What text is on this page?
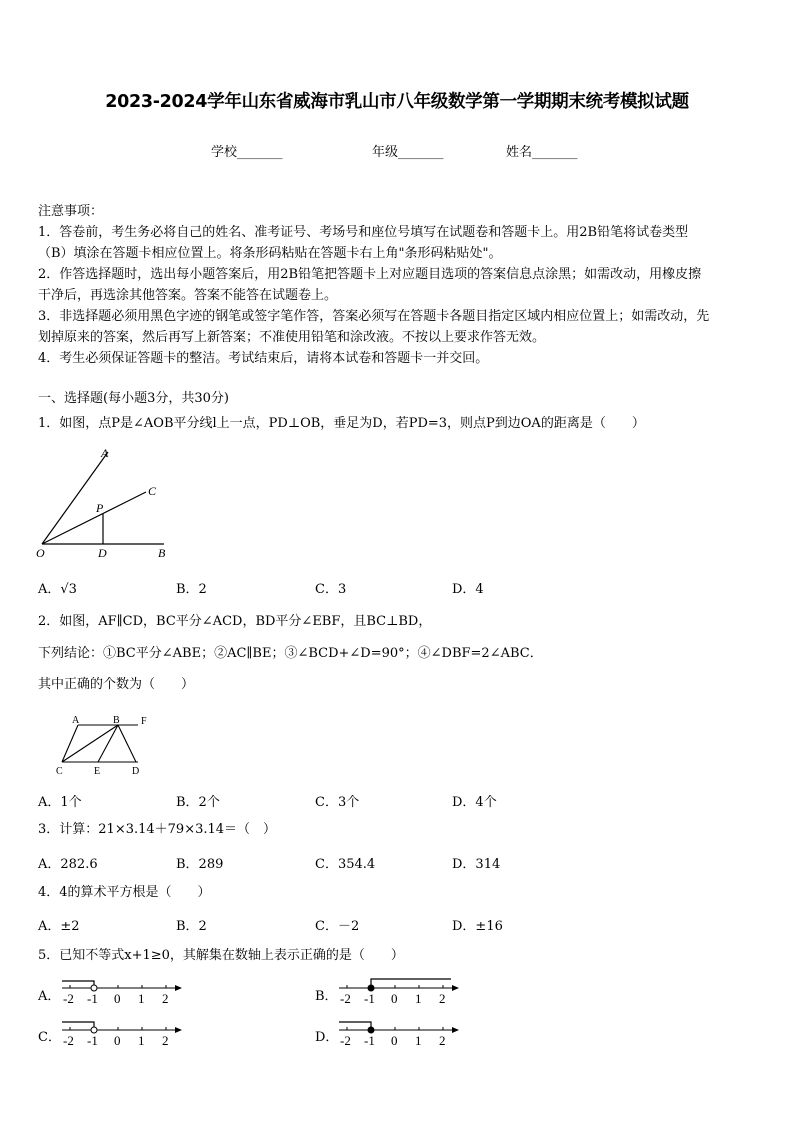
2023-2024学年山东省威海市乳山市八年级数学第一学期期末统考模拟试题
学校_______	年级_______	姓名_______
注意事项：
1．答卷前，考生务必将自己的姓名、准考证号、考场号和座位号填写在试题卷和答题卡上。用2B铅笔将试卷类型
（B）填涂在答题卡相应位置上。将条形码粘贴在答题卡右上角"条形码粘贴处"。
2．作答选择题时，选出每小题答案后，用2B铅笔把答题卡上对应题目选项的答案信息点涂黑；如需改动，用橡皮擦
干净后，再选涂其他答案。答案不能答在试题卷上。
3．非选择题必须用黑色字迹的钢笔或签字笔作答，答案必须写在答题卡各题目指定区域内相应位置上；如需改动，先
划掉原来的答案，然后再写上新答案；不准使用铅笔和涂改液。不按以上要求作答无效。
4．考生必须保证答题卡的整洁。考试结束后，请将本试卷和答题卡一并交回。
一、选择题(每小题3分，共30分)
1．如图，点P是∠AOB平分线l上一点，PD⊥OB，垂足为D，若PD=3，则点P到边OA的距离是（　　）
A
C
P
O	D	B
A．√3	B．2	C．3	D．4
2．如图，AF∥CD，BC平分∠ACD，BD平分∠EBF，且BC⊥BD，
下列结论：①BC平分∠ABE；②AC∥BE；③∠BCD+∠D=90°；④∠DBF=2∠ABC．
其中正确的个数为（　　）
A	B F
C	E	D
A．1个	B．2个	C．3个	D．4个
3．计算：21×3.14＋79×3.14＝（　）
A．282.6	B．289	C．354.4	D．314
4．4的算术平方根是（　　）
A．±2	B．2	C．－2	D．±16
5．已知不等式x+1≥0，其解集在数轴上表示正确的是（　　）
A． -2 -1 0 1 2	B． -2 -1 0 1 2
C． -2 -1 0 1 2	D． -2 -1 0 1 2
